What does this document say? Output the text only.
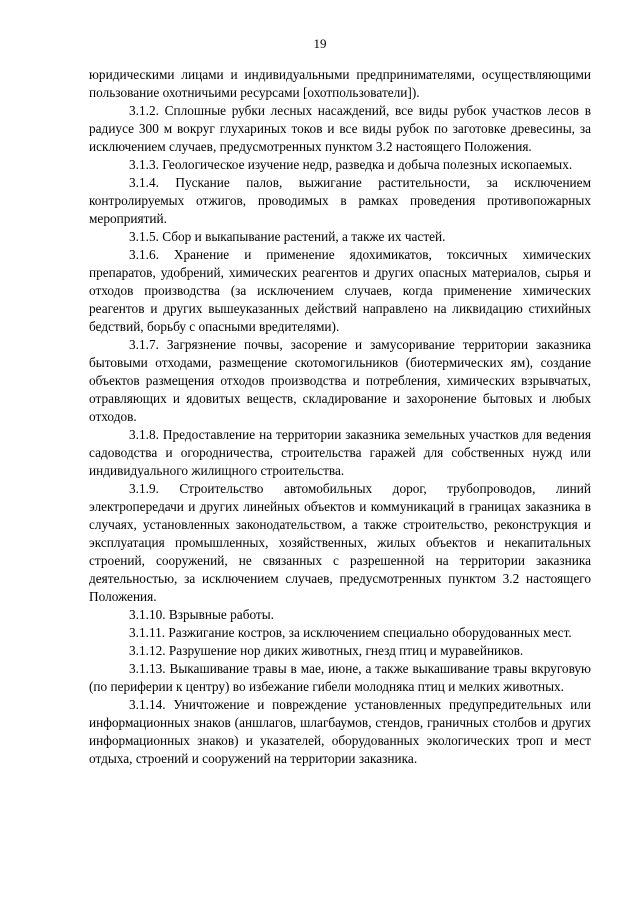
19

юридическими лицами и индивидуальными предпринимателями, осуществляющими пользование охотничьими ресурсами [охотпользователи]).

3.1.2. Сплошные рубки лесных насаждений, все виды рубок участков лесов в радиусе 300 м вокруг глухариных токов и все виды рубок по заготовке древесины, за исключением случаев, предусмотренных пунктом 3.2 настоящего Положения.

3.1.3. Геологическое изучение недр, разведка и добыча полезных ископаемых.

3.1.4. Пускание палов, выжигание растительности, за исключением контролируемых отжигов, проводимых в рамках проведения противопожарных мероприятий.

3.1.5. Сбор и выкапывание растений, а также их частей.

3.1.6. Хранение и применение ядохимикатов, токсичных химических препаратов, удобрений, химических реагентов и других опасных материалов, сырья и отходов производства (за исключением случаев, когда применение химических реагентов и других вышеуказанных действий направлено на ликвидацию стихийных бедствий, борьбу с опасными вредителями).

3.1.7. Загрязнение почвы, засорение и замусоривание территории заказника бытовыми отходами, размещение скотомогильников (биотермических ям), создание объектов размещения отходов производства и потребления, химических взрывчатых, отравляющих и ядовитых веществ, складирование и захоронение бытовых и любых отходов.

3.1.8. Предоставление на территории заказника земельных участков для ведения садоводства и огородничества, строительства гаражей для собственных нужд или индивидуального жилищного строительства.

3.1.9. Строительство автомобильных дорог, трубопроводов, линий электропередачи и других линейных объектов и коммуникаций в границах заказника в случаях, установленных законодательством, а также строительство, реконструкция и эксплуатация промышленных, хозяйственных, жилых объектов и некапитальных строений, сооружений, не связанных с разрешенной на территории заказника деятельностью, за исключением случаев, предусмотренных пунктом 3.2 настоящего Положения.

3.1.10. Взрывные работы.

3.1.11. Разжигание костров, за исключением специально оборудованных мест.

3.1.12. Разрушение нор диких животных, гнезд птиц и муравейников.

3.1.13. Выкашивание травы в мае, июне, а также выкашивание травы вкруговую (по периферии к центру) во избежание гибели молодняка птиц и мелких животных.

3.1.14. Уничтожение и повреждение установленных предупредительных или информационных знаков (аншлагов, шлагбаумов, стендов, граничных столбов и других информационных знаков) и указателей, оборудованных экологических троп и мест отдыха, строений и сооружений на территории заказника.
